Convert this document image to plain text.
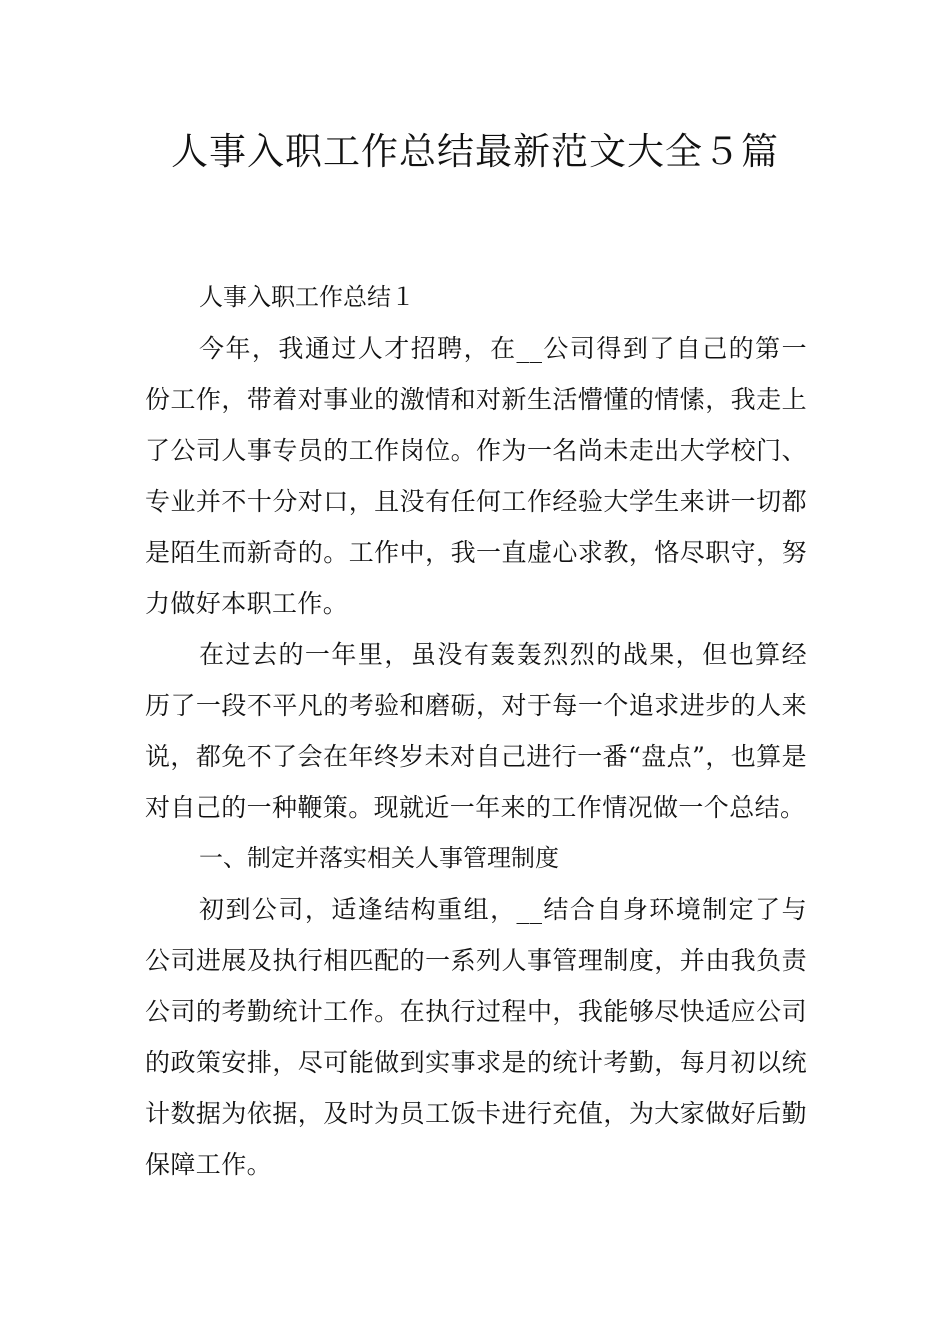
人事入职工作总结最新范文大全５篇

人事入职工作总结１

今年，我通过人才招聘，在__公司得到了自己的第一份工作，带着对事业的激情和对新生活懵懂的情愫，我走上了公司人事专员的工作岗位。作为一名尚未走出大学校门、专业并不十分对口，且没有任何工作经验大学生来讲一切都是陌生而新奇的。工作中，我一直虚心求教，恪尽职守，努力做好本职工作。

在过去的一年里，虽没有轰轰烈烈的战果，但也算经历了一段不平凡的考验和磨砺，对于每一个追求进步的人来说，都免不了会在年终岁未对自己进行一番“盘点”，也算是对自己的一种鞭策。现就近一年来的工作情况做一个总结。

一、制定并落实相关人事管理制度

初到公司，适逢结构重组，__结合自身环境制定了与公司进展及执行相匹配的一系列人事管理制度，并由我负责公司的考勤统计工作。在执行过程中，我能够尽快适应公司的政策安排，尽可能做到实事求是的统计考勤，每月初以统计数据为依据，及时为员工饭卡进行充值，为大家做好后勤保障工作。
